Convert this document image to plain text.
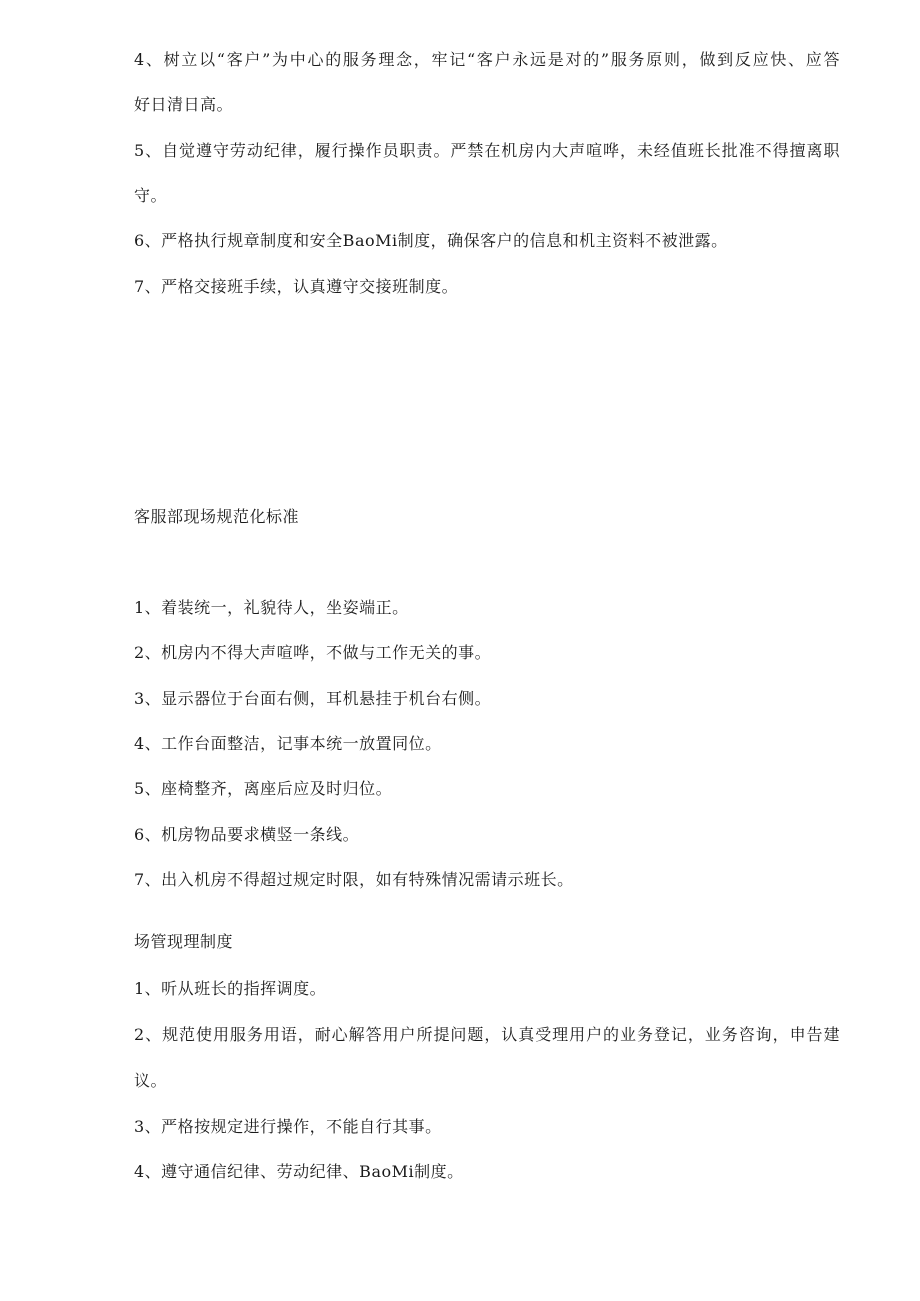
4、树立以“客户”为中心的服务理念，牢记“客户永远是对的”服务原则，做到反应快、应答

好日清日高。

5、自觉遵守劳动纪律，履行操作员职责。严禁在机房内大声喧哗，未经值班长批准不得擅离职

守。

6、严格执行规章制度和安全BaoMi制度，确保客户的信息和机主资料不被泄露。

7、严格交接班手续，认真遵守交接班制度。

客服部现场规范化标准

1、着装统一，礼貌待人，坐姿端正。

2、机房内不得大声喧哗，不做与工作无关的事。

3、显示器位于台面右侧，耳机悬挂于机台右侧。

4、工作台面整洁，记事本统一放置同位。

5、座椅整齐，离座后应及时归位。

6、机房物品要求横竖一条线。

7、出入机房不得超过规定时限，如有特殊情况需请示班长。

场管现理制度

1、听从班长的指挥调度。

2、规范使用服务用语，耐心解答用户所提问题，认真受理用户的业务登记，业务咨询，申告建

议。

3、严格按规定进行操作，不能自行其事。

4、遵守通信纪律、劳动纪律、BaoMi制度。
